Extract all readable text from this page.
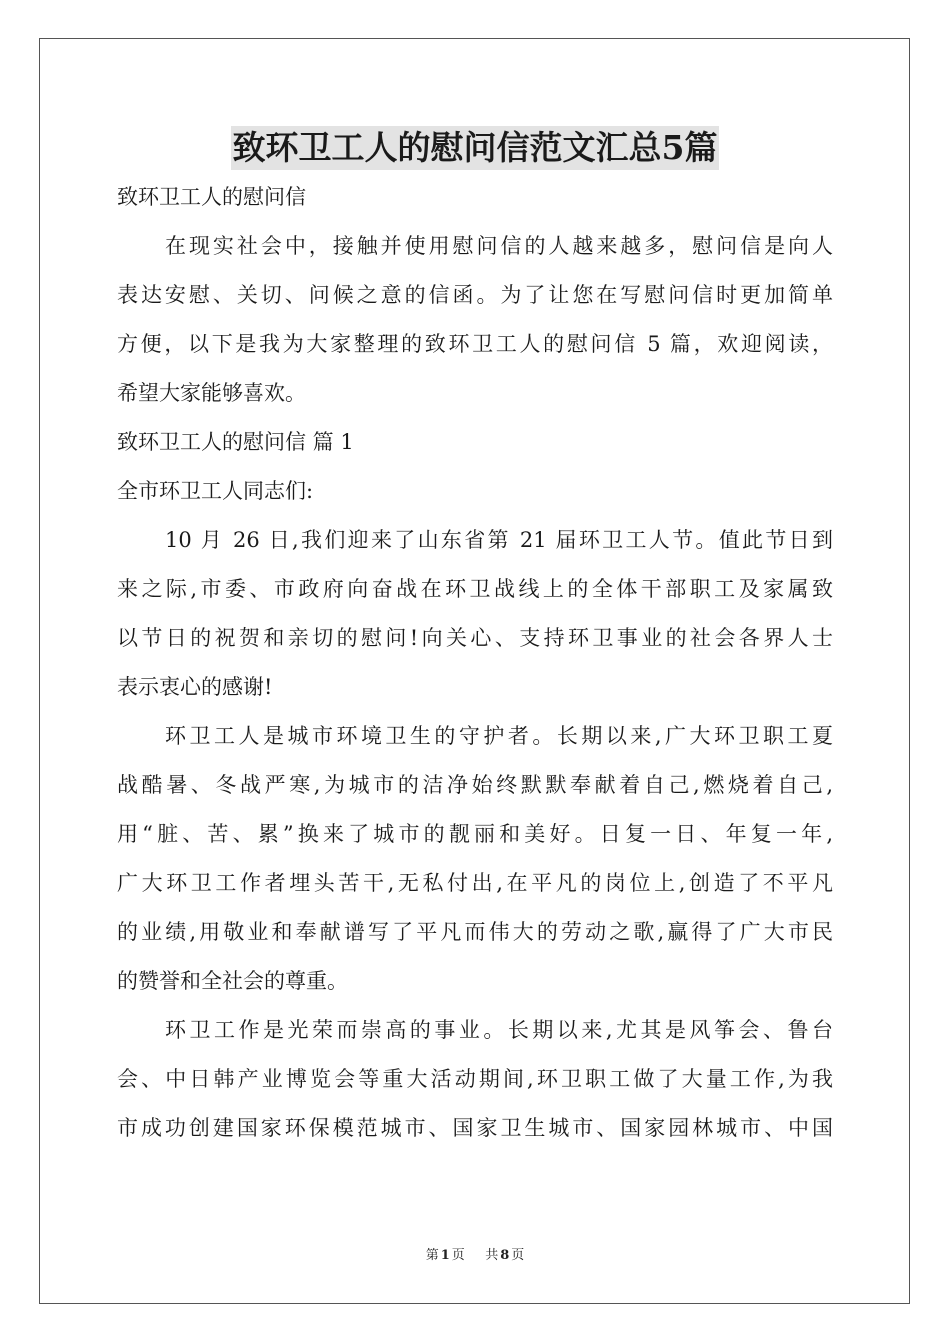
致环卫工人的慰问信范文汇总5篇
致环卫工人的慰问信
在现实社会中，接触并使用慰问信的人越来越多，慰问信是向人
表达安慰、关切、问候之意的信函。为了让您在写慰问信时更加简单
方便，以下是我为大家整理的致环卫工人的慰问信 5 篇，欢迎阅读，
希望大家能够喜欢。
致环卫工人的慰问信 篇 1
全市环卫工人同志们:
10 月 26 日,我们迎来了山东省第 21 届环卫工人节。值此节日到
来之际,市委、市政府向奋战在环卫战线上的全体干部职工及家属致
以节日的祝贺和亲切的慰问!向关心、支持环卫事业的社会各界人士
表示衷心的感谢!
环卫工人是城市环境卫生的守护者。长期以来,广大环卫职工夏
战酷暑、冬战严寒,为城市的洁净始终默默奉献着自己,燃烧着自己,
用“脏、苦、累”换来了城市的靓丽和美好。日复一日、年复一年,
广大环卫工作者埋头苦干,无私付出,在平凡的岗位上,创造了不平凡
的业绩,用敬业和奉献谱写了平凡而伟大的劳动之歌,赢得了广大市民
的赞誉和全社会的尊重。
环卫工作是光荣而崇高的事业。长期以来,尤其是风筝会、鲁台
会、中日韩产业博览会等重大活动期间,环卫职工做了大量工作,为我
市成功创建国家环保模范城市、国家卫生城市、国家园林城市、中国
第 1 页 共 8 页
